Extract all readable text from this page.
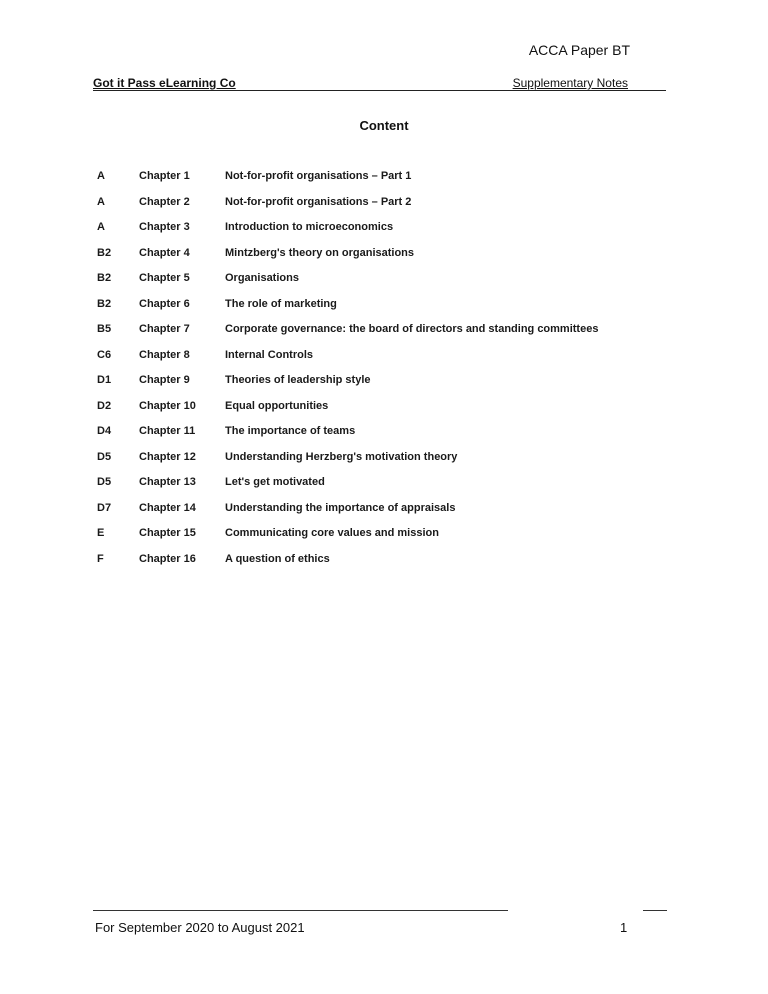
ACCA Paper BT
Got it Pass eLearning Co	Supplementary Notes
Content
A	Chapter 1	Not-for-profit organisations – Part 1
A	Chapter 2	Not-for-profit organisations – Part 2
A	Chapter 3	Introduction to microeconomics
B2	Chapter 4	Mintzberg's theory on organisations
B2	Chapter 5	Organisations
B2	Chapter 6	The role of marketing
B5	Chapter 7	Corporate governance: the board of directors and standing committees
C6	Chapter 8	Internal Controls
D1	Chapter 9	Theories of leadership style
D2	Chapter 10	Equal opportunities
D4	Chapter 11	The importance of teams
D5	Chapter 12	Understanding Herzberg's motivation theory
D5	Chapter 13	Let's get motivated
D7	Chapter 14	Understanding the importance of appraisals
E	Chapter 15	Communicating core values and mission
F	Chapter 16	A question of ethics
For September 2020 to August 2021	1
